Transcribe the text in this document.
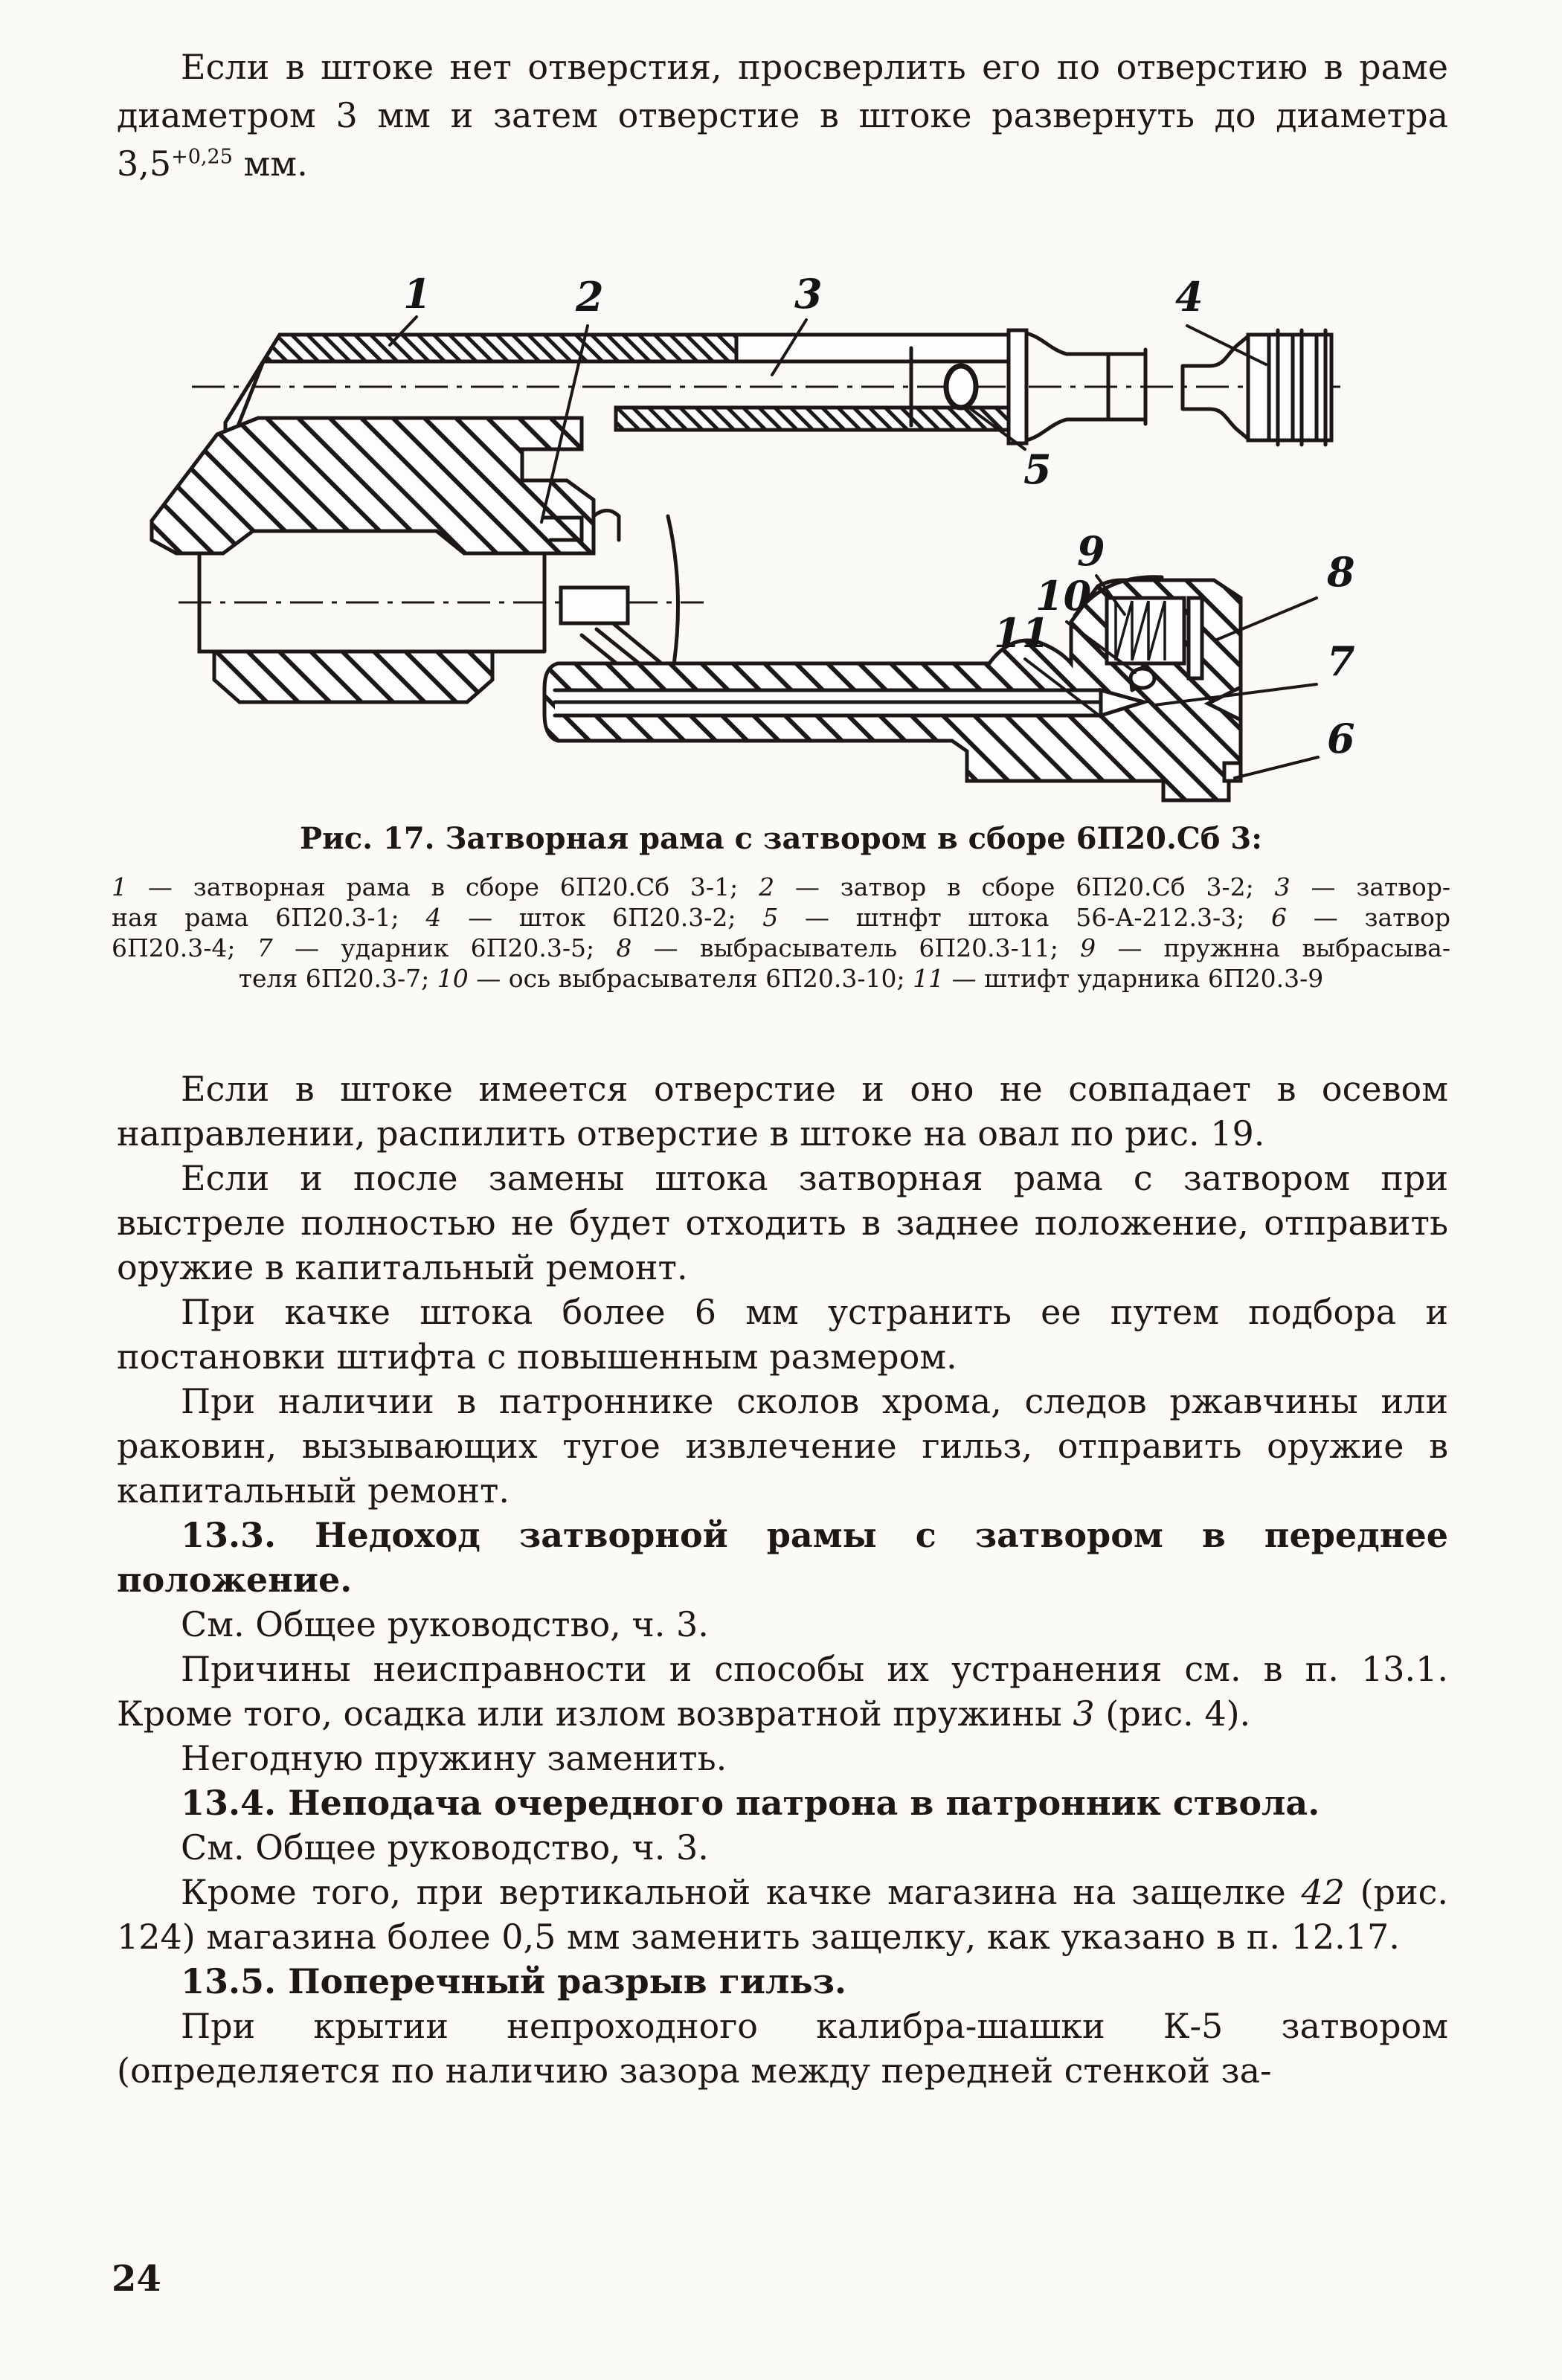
Если в штоке нет отверстия, просверлить его по отверстию в раме диаметром 3 мм и затем отверстие в штоке развернуть до диаметра $3,5^{+0,25}$ мм.

1	2	3	4
5
9
10
11
8
7
6
Рис. 17. Затворная рама с затвором в сборе 6П20.Сб 3:
1 — затворная рама в сборе 6П20.Сб 3-1; 2 — затвор в сборе 6П20.Сб 3-2; 3 — затвор-
ная рама 6П20.3-1; 4 — шток 6П20.3-2; 5 — штнфт штока 56-А-212.3-3; 6 — затвор
6П20.3-4; 7 — ударник 6П20.3-5; 8 — выбрасыватель 6П20.3-11; 9 — пружнна выбрасыва-
теля 6П20.3-7; 10 — ось выбрасывателя 6П20.3-10; 11 — штифт ударника 6П20.3-9

Если в штоке имеется отверстие и оно не совпадает в осевом направлении, распилить отверстие в штоке на овал по рис. 19.

Если и после замены штока затворная рама с затвором при выстреле полностью не будет отходить в заднее положение, отправить оружие в капитальный ремонт.

При качке штока более 6 мм устранить ее путем подбора и постановки штифта с повышенным размером.

При наличии в патроннике сколов хрома, следов ржавчины или раковин, вызывающих тугое извлечение гильз, отправить оружие в капитальный ремонт.

13.3. Недоход затворной рамы с затвором в переднее положение.

См. Общее руководство, ч. 3.

Причины неисправности и способы их устранения см. в п. 13.1. Кроме того, осадка или излом возвратной пружины 3 (рис. 4).

Негодную пружину заменить.

13.4. Неподача очередного патрона в патронник ствола.

См. Общее руководство, ч. 3.

Кроме того, при вертикальной качке магазина на защелке 42 (рис. 124) магазина более 0,5 мм заменить защелку, как указано в п. 12.17.

13.5. Поперечный разрыв гильз.

При крытии непроходного калибра-шашки К-5 затвором (определяется по наличию зазора между передней стенкой за-

24
